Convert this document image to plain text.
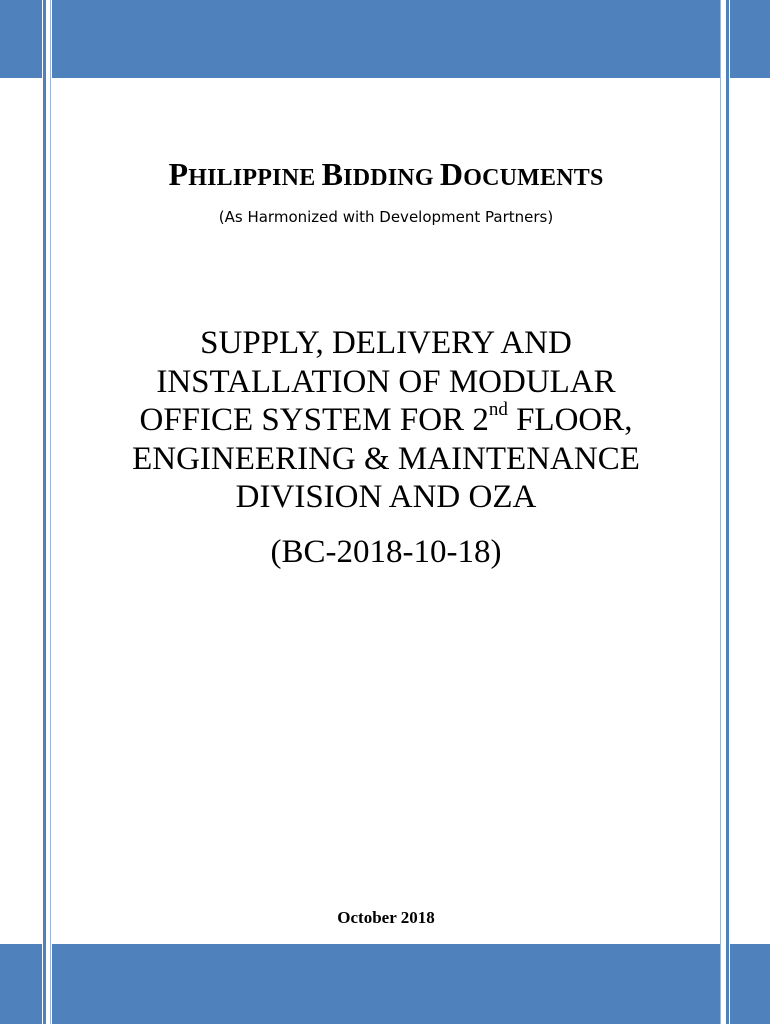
PHILIPPINE BIDDING DOCUMENTS
(As Harmonized with Development Partners)
SUPPLY, DELIVERY AND
INSTALLATION OF MODULAR
OFFICE SYSTEM FOR 2nd FLOOR,
ENGINEERING & MAINTENANCE
DIVISION AND OZA
(BC-2018-10-18)
October 2018
